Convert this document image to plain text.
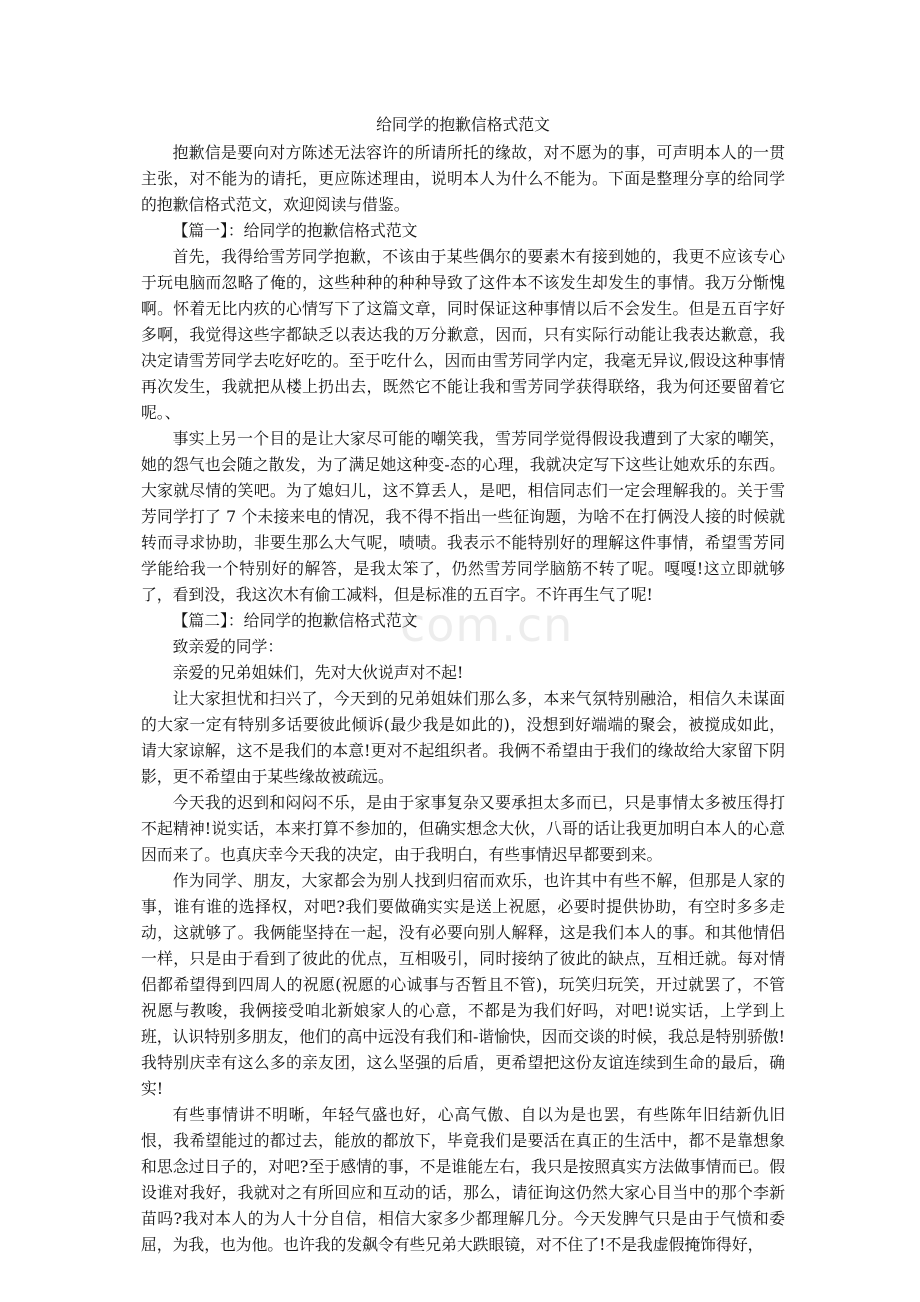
com.cn

给同学的抱歉信格式范文

抱歉信是要向对方陈述无法容许的所请所托的缘故，对不愿为的事，可声明本人的一贯主张，对不能为的请托，更应陈述理由，说明本人为什么不能为。下面是整理分享的给同学的抱歉信格式范文，欢迎阅读与借鉴。

【篇一】：给同学的抱歉信格式范文

首先，我得给雪芳同学抱歉，不该由于某些偶尔的要素木有接到她的，我更不应该专心于玩电脑而忽略了俺的，这些种种的种种导致了这件本不该发生却发生的事情。我万分惭愧啊。怀着无比内疚的心情写下了这篇文章，同时保证这种事情以后不会发生。但是五百字好多啊，我觉得这些字都缺乏以表达我的万分歉意，因而，只有实际行动能让我表达歉意，我决定请雪芳同学去吃好吃的。至于吃什么，因而由雪芳同学内定，我毫无异议,假设这种事情再次发生，我就把从楼上扔出去，既然它不能让我和雪芳同学获得联络，我为何还要留着它呢。、

事实上另一个目的是让大家尽可能的嘲笑我，雪芳同学觉得假设我遭到了大家的嘲笑，她的怨气也会随之散发，为了满足她这种变-态的心理，我就决定写下这些让她欢乐的东西。大家就尽情的笑吧。为了媳妇儿，这不算丢人，是吧，相信同志们一定会理解我的。关于雪芳同学打了 7 个未接来电的情况，我不得不指出一些征询题，为啥不在打俩没人接的时候就转而寻求协助，非要生那么大气呢，啧啧。我表示不能特别好的理解这件事情，希望雪芳同学能给我一个特别好的解答，是我太笨了，仍然雪芳同学脑筋不转了呢。嘎嘎!这立即就够了，看到没，我这次木有偷工减料，但是标准的五百字。不许再生气了呢!

【篇二】：给同学的抱歉信格式范文

致亲爱的同学：

亲爱的兄弟姐妹们，先对大伙说声对不起!

让大家担忧和扫兴了，今天到的兄弟姐妹们那么多，本来气氛特别融洽，相信久未谋面的大家一定有特别多话要彼此倾诉(最少我是如此的)，没想到好端端的聚会，被搅成如此，请大家谅解，这不是我们的本意!更对不起组织者。我俩不希望由于我们的缘故给大家留下阴影，更不希望由于某些缘故被疏远。

今天我的迟到和闷闷不乐，是由于家事复杂又要承担太多而已，只是事情太多被压得打不起精神!说实话，本来打算不参加的，但确实想念大伙，八哥的话让我更加明白本人的心意因而来了。也真庆幸今天我的决定，由于我明白，有些事情迟早都要到来。

作为同学、朋友，大家都会为别人找到归宿而欢乐，也许其中有些不解，但那是人家的事，谁有谁的选择权，对吧?我们要做确实实是送上祝愿，必要时提供协助，有空时多多走动，这就够了。我俩能坚持在一起，没有必要向别人解释，这是我们本人的事。和其他情侣一样，只是由于看到了彼此的优点，互相吸引，同时接纳了彼此的缺点，互相迁就。每对情侣都希望得到四周人的祝愿(祝愿的心诚事与否暂且不管)，玩笑归玩笑，开过就罢了，不管祝愿与教唆，我俩接受咱北新娘家人的心意，不都是为我们好吗，对吧!说实话，上学到上班，认识特别多朋友，他们的高中远没有我们和-谐愉快，因而交谈的时候，我总是特别骄傲!我特别庆幸有这么多的亲友团，这么坚强的后盾，更希望把这份友谊连续到生命的最后，确实!

有些事情讲不明晰，年轻气盛也好，心高气傲、自以为是也罢，有些陈年旧结新仇旧恨，我希望能过的都过去，能放的都放下，毕竟我们是要活在真正的生活中，都不是靠想象和思念过日子的，对吧?至于感情的事，不是谁能左右，我只是按照真实方法做事情而已。假设谁对我好，我就对之有所回应和互动的话，那么，请征询这仍然大家心目当中的那个李新苗吗?我对本人的为人十分自信，相信大家多少都理解几分。今天发脾气只是由于气愤和委屈，为我，也为他。也许我的发飙令有些兄弟大跌眼镜，对不住了!不是我虚假掩饰得好，
